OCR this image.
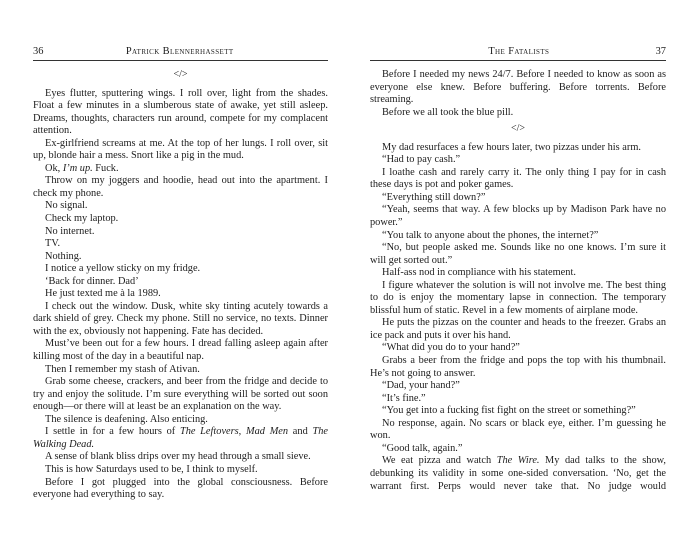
36	Patrick Blennerhassett

</>

Eyes flutter, sputtering wings. I roll over, light from the shades. Float a few minutes in a slumberous state of awake, yet still asleep. Dreams, thoughts, characters run around, compete for my complacent attention.

Ex-girlfriend screams at me. At the top of her lungs. I roll over, sit up, blonde hair a mess. Snort like a pig in the mud.

Ok, I’m up. Fuck.

Throw on my joggers and hoodie, head out into the apartment. I check my phone.

No signal.

Check my laptop.

No internet.

TV.

Nothing.

I notice a yellow sticky on my fridge.

‘Back for dinner. Dad’

He just texted me à la 1989.

I check out the window. Dusk, white sky tinting acutely towards a dark shield of grey. Check my phone. Still no service, no texts. Dinner with the ex, obviously not happening. Fate has decided.

Must’ve been out for a few hours. I dread falling asleep again after killing most of the day in a beautiful nap.

Then I remember my stash of Ativan.

Grab some cheese, crackers, and beer from the fridge and decide to try and enjoy the solitude. I’m sure everything will be sorted out soon enough—or there will at least be an explanation on the way.

The silence is deafening. Also enticing.

I settle in for a few hours of The Leftovers, Mad Men and The Walking Dead.

A sense of blank bliss drips over my head through a small sieve.

This is how Saturdays used to be, I think to myself.

Before I got plugged into the global consciousness. Before everyone had everything to say.

The Fatalists	37

Before I needed my news 24/7. Before I needed to know as soon as everyone else knew. Before buffering. Before torrents. Before streaming.

Before we all took the blue pill.

</>

My dad resurfaces a few hours later, two pizzas under his arm.

“Had to pay cash.”

I loathe cash and rarely carry it. The only thing I pay for in cash these days is pot and poker games.

“Everything still down?”

“Yeah, seems that way. A few blocks up by Madison Park have no power.”

“You talk to anyone about the phones, the internet?”

“No, but people asked me. Sounds like no one knows. I’m sure it will get sorted out.”

Half-ass nod in compliance with his statement.

I figure whatever the solution is will not involve me. The best thing to do is enjoy the momentary lapse in connection. The temporary blissful hum of static. Revel in a few moments of airplane mode.

He puts the pizzas on the counter and heads to the freezer. Grabs an ice pack and puts it over his hand.

“What did you do to your hand?”

Grabs a beer from the fridge and pops the top with his thumbnail. He’s not going to answer.

“Dad, your hand?”

“It’s fine.”

“You get into a fucking fist fight on the street or something?”

No response, again. No scars or black eye, either. I’m guessing he won.

“Good talk, again.”

We eat pizza and watch The Wire. My dad talks to the show, debunking its validity in some one-sided conversation. ‘No, get the warrant first. Perps would never take that. No judge would
